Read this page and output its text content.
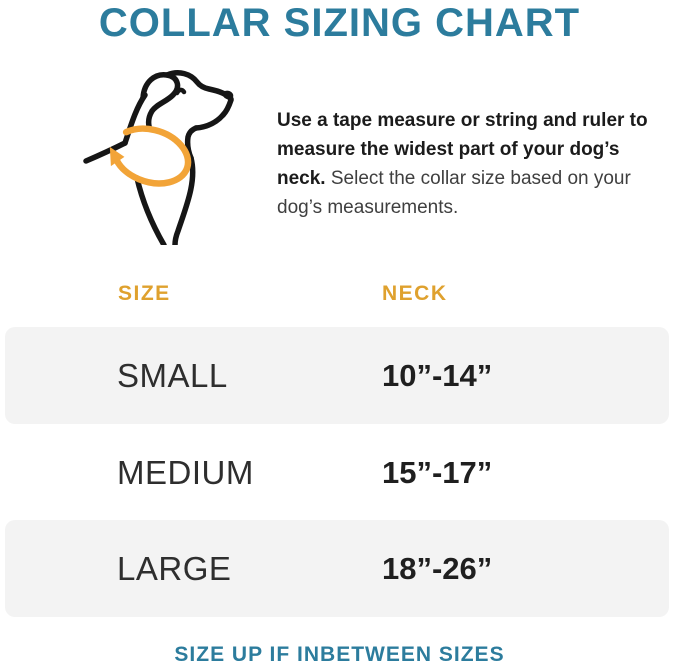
COLLAR SIZING CHART

Use a tape measure or string and ruler to measure the widest part of your dog’s neck. Select the collar size based on your dog’s measurements.

SIZE	NECK
SMALL	10”-14”
MEDIUM	15”-17”
LARGE	18”-26”

SIZE UP IF INBETWEEN SIZES
